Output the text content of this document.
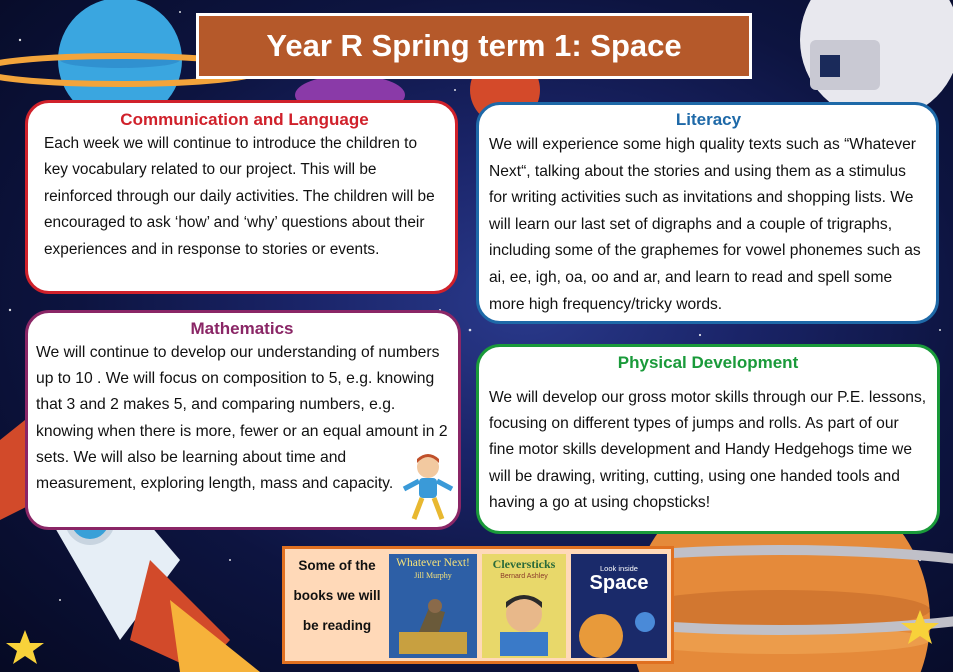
Year R Spring term 1: Space
Communication and Language

Each week we will continue to introduce the children to key vocabulary related to our project. This will be reinforced through our daily activities. The children will be encouraged to ask ‘how’ and ‘why’ questions about their experiences and in response to stories or events.

Literacy

We will experience some high quality texts such as “Whatever Next“, talking about the stories and using them as a stimulus for writing activities such as invitations and shopping lists. We will learn our last set of digraphs and a couple of trigraphs, including some of the graphemes for vowel phonemes such as ai, ee, igh, oa, oo and ar, and learn to read and spell some more high frequency/tricky words.

Mathematics

We will continue to develop our understanding of numbers up to 10 . We will focus on composition to 5, e.g. knowing that 3 and 2 makes 5, and comparing numbers, e.g. knowing when there is more, fewer or an equal amount in 2 sets. We will also be learning about time and measurement, exploring length, mass and capacity.

Physical Development

We will develop our gross motor skills through our P.E. lessons, focusing on different types of jumps and rolls. As part of our fine motor skills development and Handy Hedgehogs time we will be drawing, writing, cutting, using one handed tools and having a go at using chopsticks!

Some of the books we will be reading
Whatever Next!
Jill Murphy
Cleversticks
Bernard Ashley
Look inside
Space
